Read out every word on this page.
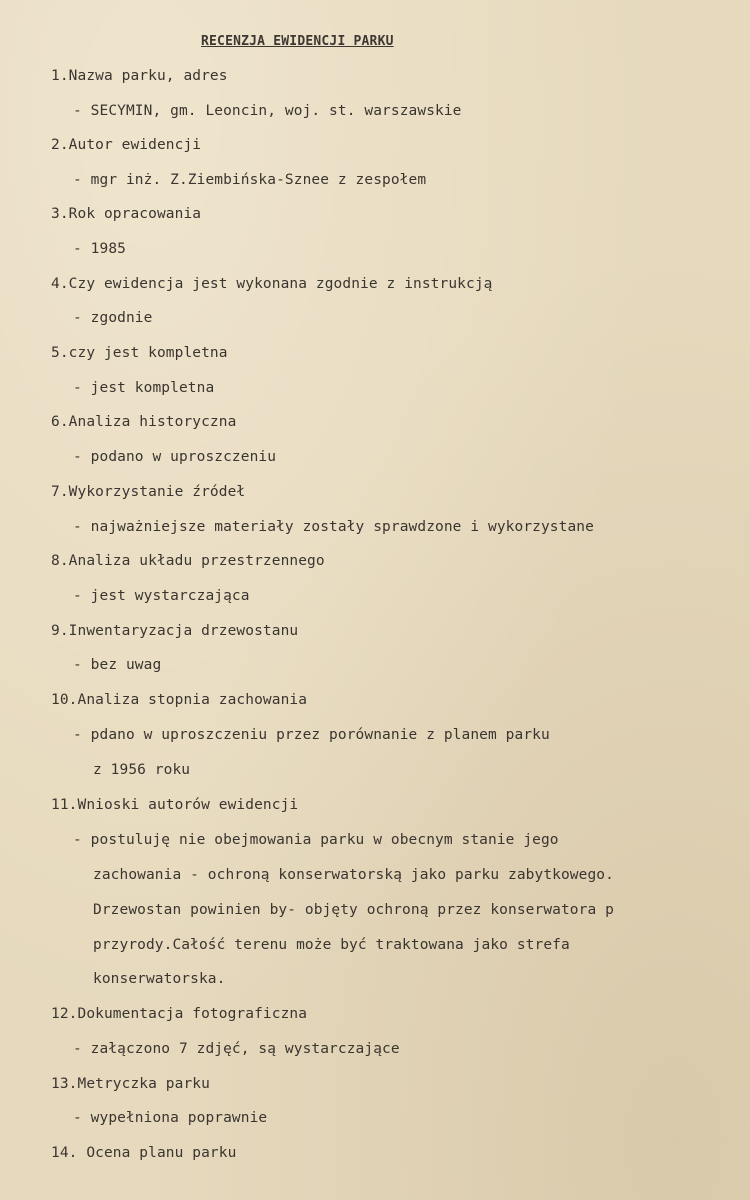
RECENZJA EWIDENCJI PARKU
1.Nazwa parku, adres
- SECYMIN, gm. Leoncin, woj. st. warszawskie
2.Autor ewidencji
- mgr inż. Z.Ziembińska-Sznee z zespołem
3.Rok opracowania
- 1985
4.Czy ewidencja jest wykonana zgodnie z instrukcją
- zgodnie
5.czy jest kompletna
- jest kompletna
6.Analiza historyczna
- podano w uproszczeniu
7.Wykorzystanie źródeł
- najważniejsze materiały zostały sprawdzone i wykorzystane
8.Analiza układu przestrzennego
- jest wystarczająca
9.Inwentaryzacja drzewostanu
- bez uwag
10.Analiza stopnia zachowania
- pdano w uproszczeniu przez porównanie z planem parku
z 1956 roku
11.Wnioski autorów ewidencji
- postuluję nie obejmowania parku w obecnym stanie jego
zachowania - ochroną konserwatorską jako parku zabytkowego.
Drzewostan powinien by- objęty ochroną przez konserwatora p
przyrody.Całość terenu może być traktowana jako strefa
konserwatorska.
12.Dokumentacja fotograficzna
- załączono 7 zdjęć, są wystarczające
13.Metryczka parku
- wypełniona poprawnie
14. Ocena planu parku
